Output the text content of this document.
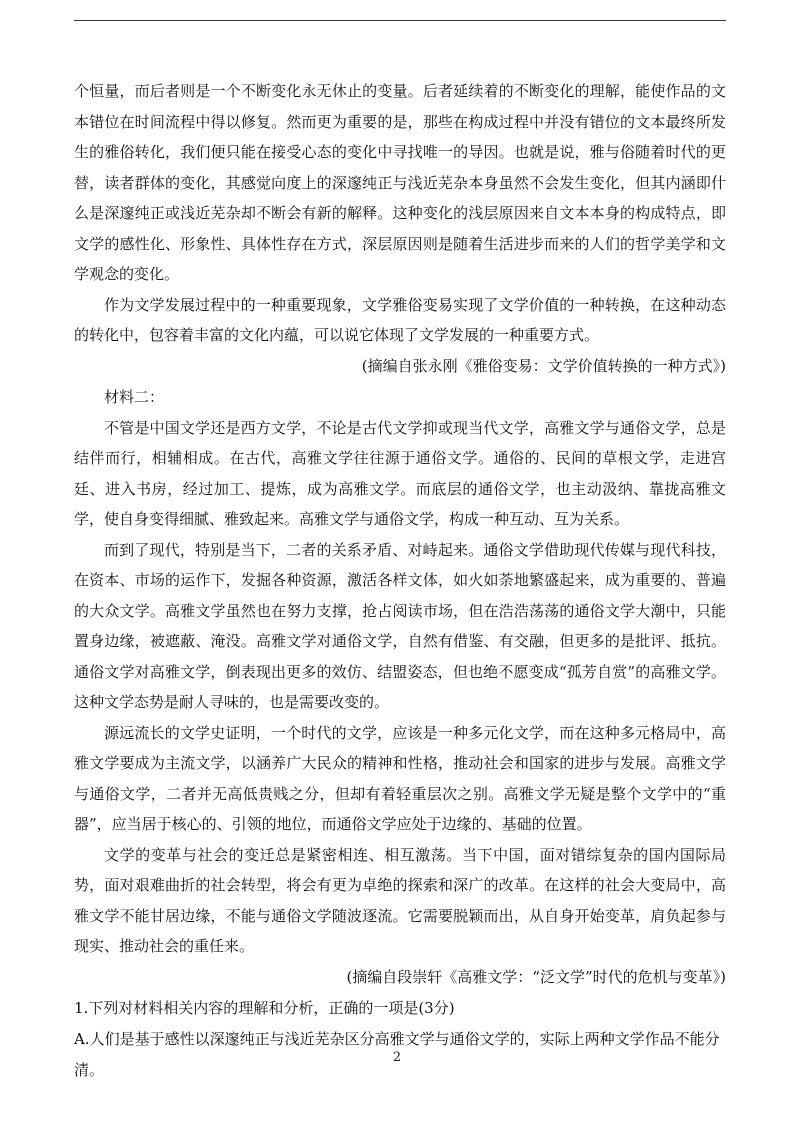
个恒量，而后者则是一个不断变化永无休止的变量。后者延续着的不断变化的理解，能使作品的文本错位在时间流程中得以修复。然而更为重要的是，那些在构成过程中并没有错位的文本最终所发生的雅俗转化，我们便只能在接受心态的变化中寻找唯一的导因。也就是说，雅与俗随着时代的更替，读者群体的变化，其感觉向度上的深邃纯正与浅近芜杂本身虽然不会发生变化，但其内涵即什么是深邃纯正或浅近芜杂却不断会有新的解释。这种变化的浅层原因来自文本本身的构成特点，即文学的感性化、形象性、具体性存在方式，深层原因则是随着生活进步而来的人们的哲学美学和文学观念的变化。

作为文学发展过程中的一种重要现象，文学雅俗变易实现了文学价值的一种转换，在这种动态的转化中，包容着丰富的文化内蕴，可以说它体现了文学发展的一种重要方式。

(摘编自张永刚《雅俗变易：文学价值转换的一种方式》)

材料二：

不管是中国文学还是西方文学，不论是古代文学抑或现当代文学，高雅文学与通俗文学，总是结伴而行，相辅相成。在古代，高雅文学往往源于通俗文学。通俗的、民间的草根文学，走进宫廷、进入书房，经过加工、提炼，成为高雅文学。而底层的通俗文学，也主动汲纳、靠拢高雅文学，使自身变得细腻、雅致起来。高雅文学与通俗文学，构成一种互动、互为关系。

而到了现代，特别是当下，二者的关系矛盾、对峙起来。通俗文学借助现代传媒与现代科技，在资本、市场的运作下，发掘各种资源，激活各样文体，如火如荼地繁盛起来，成为重要的、普遍的大众文学。高雅文学虽然也在努力支撑，抢占阅读市场，但在浩浩荡荡的通俗文学大潮中，只能置身边缘，被遮蔽、淹没。高雅文学对通俗文学，自然有借鉴、有交融，但更多的是批评、抵抗。通俗文学对高雅文学，倒表现出更多的效仿、结盟姿态，但也绝不愿变成“孤芳自赏”的高雅文学。这种文学态势是耐人寻味的，也是需要改变的。

源远流长的文学史证明，一个时代的文学，应该是一种多元化文学，而在这种多元格局中，高雅文学要成为主流文学，以涵养广大民众的精神和性格，推动社会和国家的进步与发展。高雅文学与通俗文学，二者并无高低贵贱之分，但却有着轻重层次之别。高雅文学无疑是整个文学中的“重器”，应当居于核心的、引领的地位，而通俗文学应处于边缘的、基础的位置。

文学的变革与社会的变迁总是紧密相连、相互激荡。当下中国，面对错综复杂的国内国际局势，面对艰难曲折的社会转型，将会有更为卓绝的探索和深广的改革。在这样的社会大变局中，高雅文学不能甘居边缘，不能与通俗文学随波逐流。它需要脱颖而出，从自身开始变革，肩负起参与现实、推动社会的重任来。

(摘编自段崇轩《高雅文学：“泛文学”时代的危机与变革》)

1.下列对材料相关内容的理解和分析，正确的一项是(3分)

A.人们是基于感性以深邃纯正与浅近芜杂区分高雅文学与通俗文学的，实际上两种文学作品不能分清。

2
